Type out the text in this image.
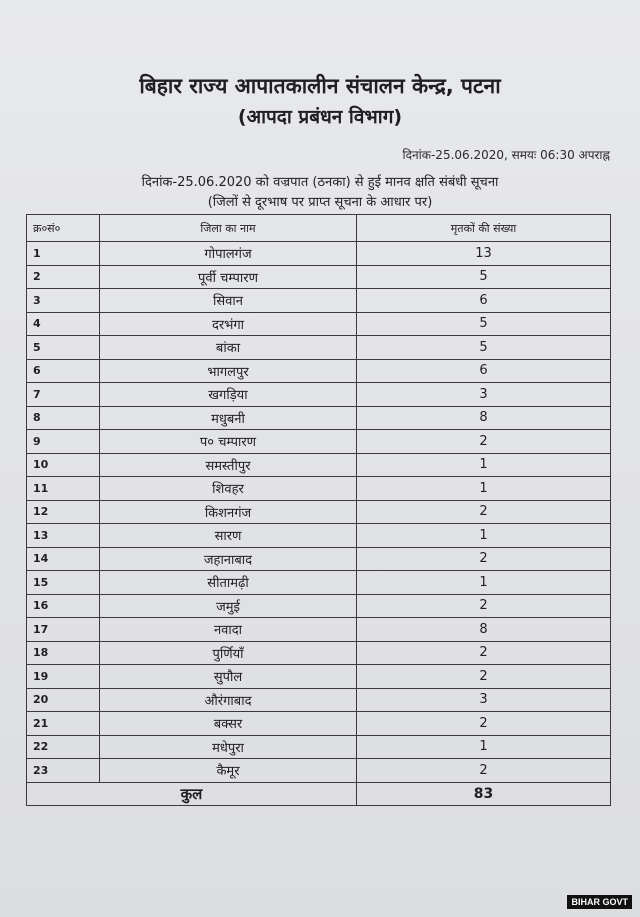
बिहार राज्य आपातकालीन संचालन केन्द्र, पटना
(आपदा प्रबंधन विभाग)
दिनांक-25.06.2020, समयः 06:30 अपराह्न
दिनांक-25.06.2020 को वज्रपात (ठनका) से हुई मानव क्षति संबंधी सूचना
(जिलों से दूरभाष पर प्राप्त सूचना के आधार पर)
क्र०सं०	जिला का नाम	मृतकों की संख्या
1	गोपालगंज	13
2	पूर्वी चम्पारण	5
3	सिवान	6
4	दरभंगा	5
5	बांका	5
6	भागलपुर	6
7	खगड़िया	3
8	मधुबनी	8
9	प० चम्पारण	2
10	समस्तीपुर	1
11	शिवहर	1
12	किशनगंज	2
13	सारण	1
14	जहानाबाद	2
15	सीतामढ़ी	1
16	जमुई	2
17	नवादा	8
18	पुर्णियाँ	2
19	सुपौल	2
20	औरंगाबाद	3
21	बक्सर	2
22	मधेपुरा	1
23	कैमूर	2
कुल		83
BIHAR GOVT
